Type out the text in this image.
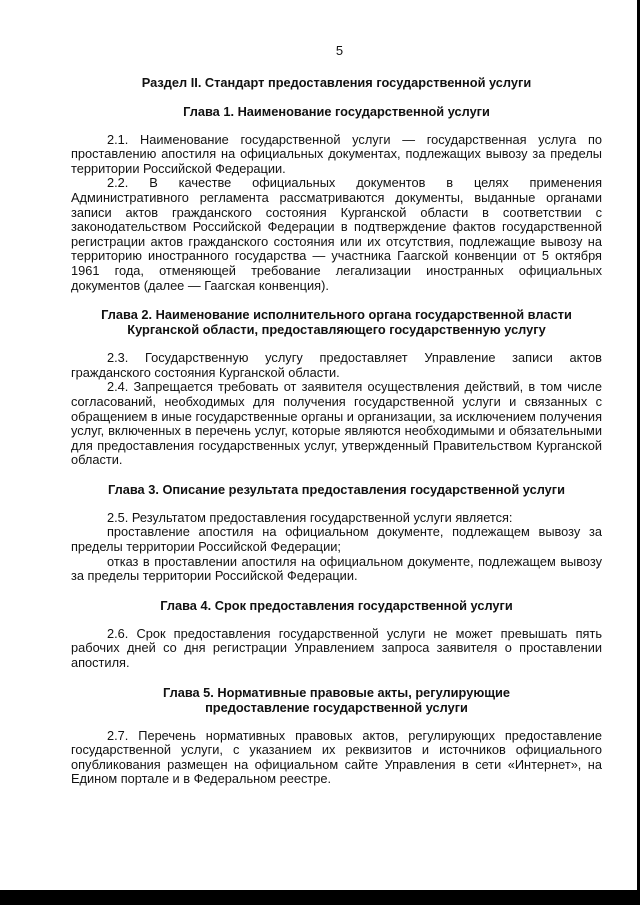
5
Раздел II. Стандарт предоставления государственной услуги
Глава 1. Наименование государственной услуги

2.1. Наименование государственной услуги — государственная услуга по проставлению апостиля на официальных документах, подлежащих вывозу за пределы территории Российской Федерации.

2.2. В качестве официальных документов в целях применения Административного регламента рассматриваются документы, выданные органами записи актов гражданского состояния Курганской области в соответствии с законодательством Российской Федерации в подтверждение фактов государственной регистрации актов гражданского состояния или их отсутствия, подлежащие вывозу на территорию иностранного государства — участника Гаагской конвенции от 5 октября 1961 года, отменяющей требование легализации иностранных официальных документов (далее — Гаагская конвенция).

Глава 2. Наименование исполнительного органа государственной власти Курганской области, предоставляющего государственную услугу

2.3. Государственную услугу предоставляет Управление записи актов гражданского состояния Курганской области.

2.4. Запрещается требовать от заявителя осуществления действий, в том числе согласований, необходимых для получения государственной услуги и связанных с обращением в иные государственные органы и организации, за исключением получения услуг, включенных в перечень услуг, которые являются необходимыми и обязательными для предоставления государственных услуг, утвержденный Правительством Курганской области.

Глава 3. Описание результата предоставления государственной услуги

2.5. Результатом предоставления государственной услуги является:

проставление апостиля на официальном документе, подлежащем вывозу за пределы территории Российской Федерации;

отказ в проставлении апостиля на официальном документе, подлежащем вывозу за пределы территории Российской Федерации.

Глава 4. Срок предоставления государственной услуги

2.6. Срок предоставления государственной услуги не может превышать пять рабочих дней со дня регистрации Управлением запроса заявителя о проставлении апостиля.

Глава 5. Нормативные правовые акты, регулирующие предоставление государственной услуги

2.7. Перечень нормативных правовых актов, регулирующих предоставление государственной услуги, с указанием их реквизитов и источников официального опубликования размещен на официальном сайте Управления в сети «Интернет», на Едином портале и в Федеральном реестре.
